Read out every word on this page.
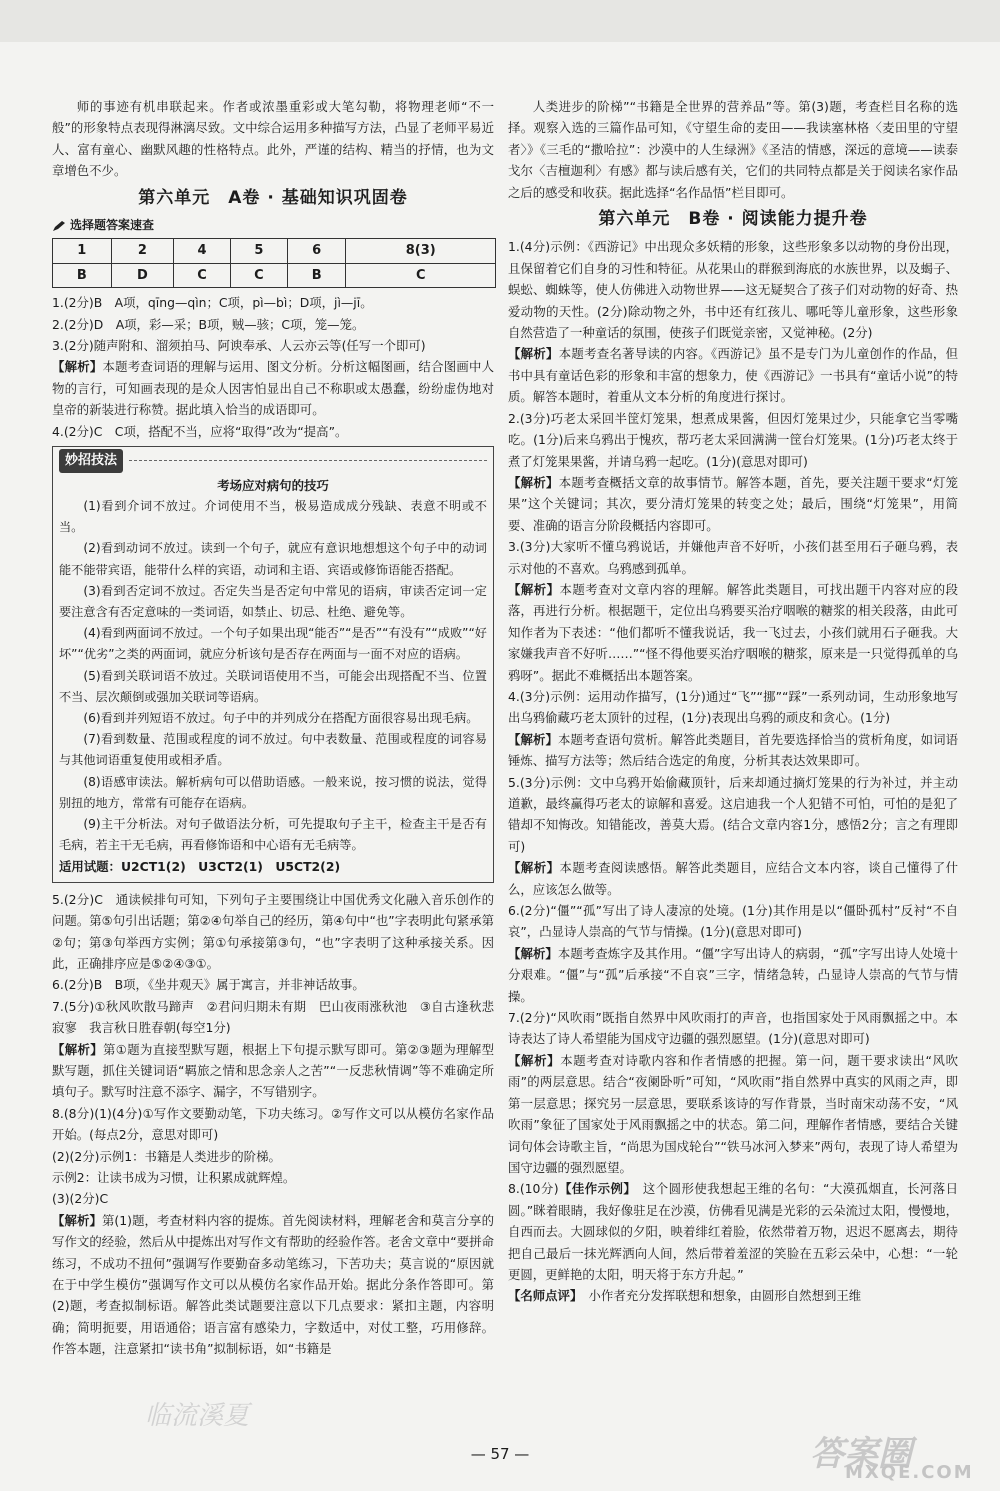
师的事迹有机串联起来。作者或浓墨重彩或大笔勾勒，将物理老师“不一般”的形象特点表现得淋漓尽致。文中综合运用多种描写方法，凸显了老师平易近人、富有童心、幽默风趣的性格特点。此外，严谨的结构、精当的抒情，也为文章增色不少。

第六单元　A卷 · 基础知识巩固卷
选择题答案速查
1	2	4	5	6	8(3)
B	D	C	C	B	C

1.(2分)B　A项，qīng—qìn；C项，pì—bì；D项，jì—jī。

2.(2分)D　A项，彩—采；B项，贼—骇；C项，笼—笼。

3.(2分)随声附和、溜须拍马、阿谀奉承、人云亦云等(任写一个即可)

【解析】本题考查词语的理解与运用、图文分析。分析这幅图画，结合图画中人物的言行，可知画表现的是众人因害怕显出自己不称职或太愚蠢，纷纷虚伪地对皇帝的新装进行称赞。据此填入恰当的成语即可。

4.(2分)C　C项，搭配不当，应将“取得”改为“提高”。

妙招技法

考场应对病句的技巧

(1)看到介词不放过。介词使用不当，极易造成成分残缺、表意不明或不当。

(2)看到动词不放过。读到一个句子，就应有意识地想想这个句子中的动词能不能带宾语，能带什么样的宾语，动词和主语、宾语或修饰语能否搭配。

(3)看到否定词不放过。否定失当是否定句中常见的语病，审读否定词一定要注意含有否定意味的一类词语，如禁止、切忌、杜绝、避免等。

(4)看到两面词不放过。一个句子如果出现“能否”“是否”“有没有”“成败”“好坏”“优劣”之类的两面词，就应分析该句是否存在两面与一面不对应的语病。

(5)看到关联词语不放过。关联词语使用不当，可能会出现搭配不当、位置不当、层次颠倒或强加关联词等语病。

(6)看到并列短语不放过。句子中的并列成分在搭配方面很容易出现毛病。

(7)看到数量、范围或程度的词不放过。句中表数量、范围或程度的词容易与其他词语重复使用或相矛盾。

(8)语感审读法。解析病句可以借助语感。一般来说，按习惯的说法，觉得别扭的地方，常常有可能存在语病。

(9)主干分析法。对句子做语法分析，可先提取句子主干，检查主干是否有毛病，若主干无毛病，再看修饰语和中心语有无毛病等。

适用试题：U2CT1(2)　U3CT2(1)　U5CT2(2)

5.(2分)C　通读候排句可知，下列句子主要围绕让中国优秀文化融入音乐创作的问题。第⑤句引出话题；第②④句举自己的经历，第④句中“也”字表明此句紧承第②句；第③句举西方实例；第①句承接第③句，“也”字表明了这种承接关系。因此，正确排序应是⑤②④③①。

6.(2分)B　B项，《坐井观天》属于寓言，并非神话故事。

7.(5分)①秋风吹散马蹄声　②君问归期未有期　巴山夜雨涨秋池　③自古逢秋悲寂寥　我言秋日胜春朝(每空1分)

【解析】第①题为直接型默写题，根据上下句提示默写即可。第②③题为理解型默写题，抓住关键词语“羁旅之情和思念亲人之苦”“一反悲秋情调”等不难确定所填句子。默写时注意不添字、漏字，不写错别字。

8.(8分)(1)(4分)①写作文要勤动笔，下功夫练习。②写作文可以从模仿名家作品开始。(每点2分，意思对即可)

(2)(2分)示例1：书籍是人类进步的阶梯。

示例2：让读书成为习惯，让积累成就辉煌。

(3)(2分)C

【解析】第(1)题，考查材料内容的提炼。首先阅读材料，理解老舍和莫言分享的写作文的经验，然后从中提炼出对写作文有帮助的经验作答。老舍文章中“要拼命练习，不成功不扭何”强调写作要勤奋多动笔练习，下苦功夫；莫言说的“原因就在于中学生模仿”强调写作文可以从模仿名家作品开始。据此分条作答即可。第(2)题，考查拟制标语。解答此类试题要注意以下几点要求：紧扣主题，内容明确；简明扼要，用语通俗；语言富有感染力，字数适中，对仗工整，巧用修辞。作答本题，注意紧扣“读书角”拟制标语，如“书籍是

人类进步的阶梯”“书籍是全世界的营养品”等。第(3)题，考查栏目名称的选择。观察入选的三篇作品可知，《守望生命的麦田——我读塞林格〈麦田里的守望者〉》《三毛的“撒哈拉”：沙漠中的人生绿洲》《圣洁的情感，深远的意境——读泰戈尔〈吉檀迦利〉有感》都与读后感有关，它们的共同特点都是关于阅读名家作品之后的感受和收获。据此选择“名作品悟”栏目即可。

第六单元　B卷 · 阅读能力提升卷

1.(4分)示例：《西游记》中出现众多妖精的形象，这些形象多以动物的身份出现，且保留着它们自身的习性和特征。从花果山的群猴到海底的水族世界，以及蝎子、蜈蚣、蜘蛛等，使人仿佛进入动物世界——这无疑契合了孩子们对动物的好奇、热爱动物的天性。(2分)除动物之外，书中还有红孩儿、哪吒等儿童形象，这些形象自然营造了一种童话的氛围，使孩子们既觉亲密，又觉神秘。(2分)

【解析】本题考查名著导读的内容。《西游记》虽不是专门为儿童创作的作品，但书中具有童话色彩的形象和丰富的想象力，使《西游记》一书具有“童话小说”的特质。解答本题时，着重从文本分析的角度进行探讨。

2.(3分)巧老太采回半筐灯笼果，想煮成果酱，但因灯笼果过少，只能拿它当零嘴吃。(1分)后来乌鸦出于愧疚，帮巧老太采回满满一筐台灯笼果。(1分)巧老太终于煮了灯笼果果酱，并请乌鸦一起吃。(1分)(意思对即可)

【解析】本题考查概括文章的故事情节。解答本题，首先，要关注题干要求“灯笼果”这个关键词；其次，要分清灯笼果的转变之处；最后，围绕“灯笼果”，用简要、准确的语言分阶段概括内容即可。

3.(3分)大家听不懂乌鸦说话，并嫌他声音不好听，小孩们甚至用石子砸乌鸦，表示对他的不喜欢。乌鸦感到孤单。

【解析】本题考查对文章内容的理解。解答此类题目，可找出题干内容对应的段落，再进行分析。根据题干，定位出乌鸦要买治疗咽喉的糖浆的相关段落，由此可知作者为下表述：“他们都听不懂我说话，我一飞过去，小孩们就用石子砸我。大家嫌我声音不好听……”“怪不得他要买治疗咽喉的糖浆，原来是一只觉得孤单的乌鸦呀”。据此不难概括出本题答案。

4.(3分)示例：运用动作描写，(1分)通过“飞”“挪”“踩”一系列动词，生动形象地写出乌鸦偷藏巧老太顶针的过程，(1分)表现出乌鸦的顽皮和贪心。(1分)

【解析】本题考查语句赏析。解答此类题目，首先要选择恰当的赏析角度，如词语锤炼、描写方法等；然后结合选定的角度，分析其表达效果即可。

5.(3分)示例：文中乌鸦开始偷藏顶针，后来却通过摘灯笼果的行为补过，并主动道歉，最终赢得巧老太的谅解和喜爱。这启迪我一个人犯错不可怕，可怕的是犯了错却不知悔改。知错能改，善莫大焉。(结合文章内容1分，感悟2分；言之有理即可)

【解析】本题考查阅读感悟。解答此类题目，应结合文本内容，谈自己懂得了什么，应该怎么做等。

6.(2分)“僵”“孤”写出了诗人凄凉的处境。(1分)其作用是以“僵卧孤村”反衬“不自哀”，凸显诗人崇高的气节与情操。(1分)(意思对即可)

【解析】本题考查炼字及其作用。“僵”字写出诗人的病弱，“孤”字写出诗人处境十分艰难。“僵”与“孤”后承接“不自哀”三字，情绪急转，凸显诗人崇高的气节与情操。

7.(2分)“风吹雨”既指自然界中风吹雨打的声音，也指国家处于风雨飘摇之中。本诗表达了诗人希望能为国戍守边疆的强烈愿望。(1分)(意思对即可)

【解析】本题考查对诗歌内容和作者情感的把握。第一问，题干要求读出“风吹雨”的两层意思。结合“夜阑卧听”可知，“风吹雨”指自然界中真实的风雨之声，即第一层意思；探究另一层意思，要联系该诗的写作背景，当时南宋动荡不安，“风吹雨”象征了国家处于风雨飘摇之中的状态。第二问，理解作者情感，要结合关键词句体会诗歌主旨，“尚思为国戍轮台”“铁马冰河入梦来”两句，表现了诗人希望为国守边疆的强烈愿望。

8.(10分)【佳作示例】　 这个圆形使我想起王维的名句：“大漠孤烟直，长河落日圆。”眯着眼睛，我好像驻足在沙漠，仿佛看见满是光彩的云朵流过太阳，慢慢地，自西而去。大圆球似的夕阳，映着绯红着脸，依然带着万物，迟迟不愿离去，期待把自己最后一抹光辉洒向人间，然后带着羞涩的笑脸在五彩云朵中，心想：“一轮更圆，更鲜艳的太阳，明天将于东方升起。”

【名师点评】　 小作者充分发挥联想和想象，由圆形自然想到王维

— 57 —
临流溪夏
答案圈
MXQE.COM
